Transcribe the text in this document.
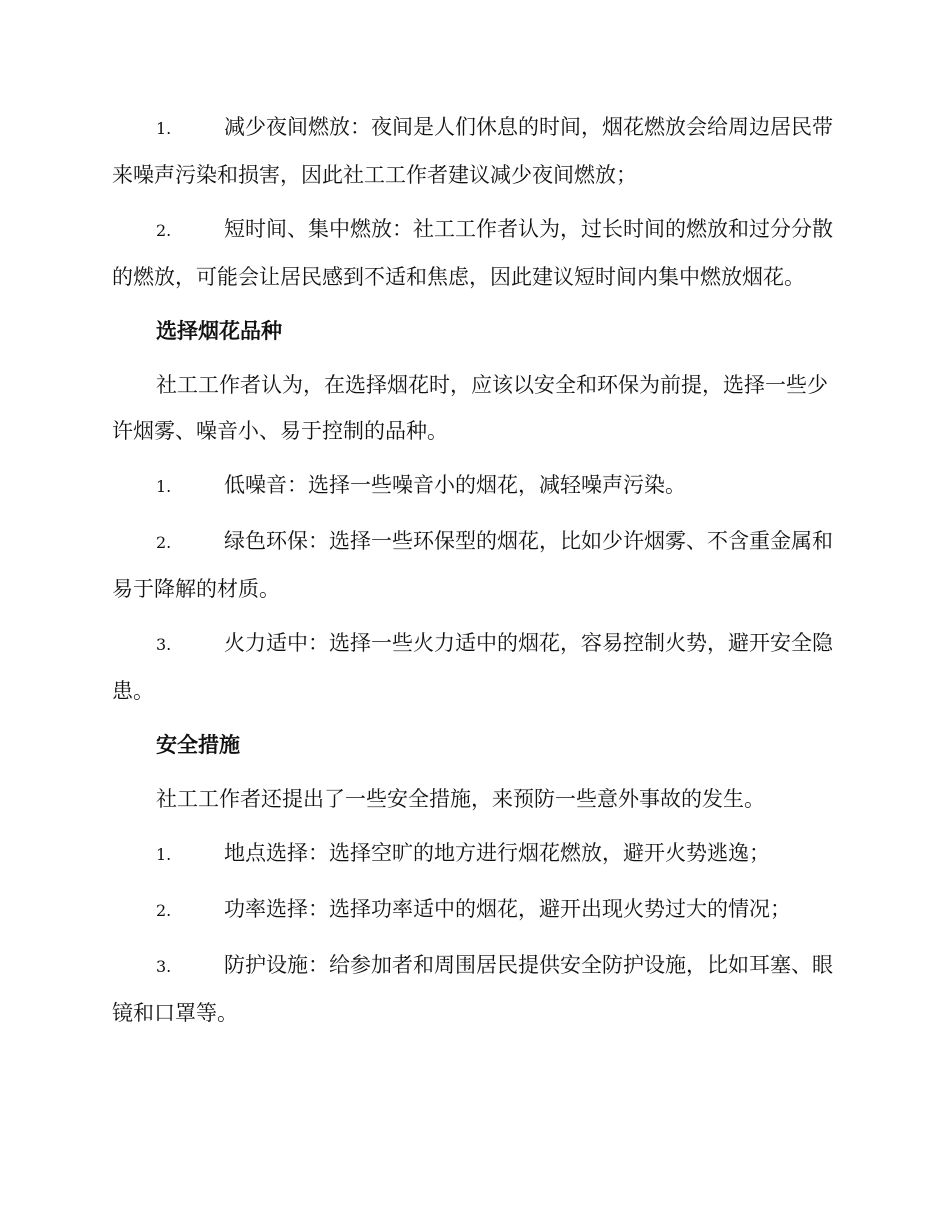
1.	减少夜间燃放：夜间是人们休息的时间，烟花燃放会给周边居民带来噪声污染和损害，因此社工工作者建议减少夜间燃放；
2.	短时间、集中燃放：社工工作者认为，过长时间的燃放和过分分散的燃放，可能会让居民感到不适和焦虑，因此建议短时间内集中燃放烟花。
选择烟花品种
社工工作者认为，在选择烟花时，应该以安全和环保为前提，选择一些少许烟雾、噪音小、易于控制的品种。
1.	低噪音：选择一些噪音小的烟花，减轻噪声污染。
2.	绿色环保：选择一些环保型的烟花，比如少许烟雾、不含重金属和易于降解的材质。
3.	火力适中：选择一些火力适中的烟花，容易控制火势，避开安全隐患。
安全措施
社工工作者还提出了一些安全措施，来预防一些意外事故的发生。
1.	地点选择：选择空旷的地方进行烟花燃放，避开火势逃逸；
2.	功率选择：选择功率适中的烟花，避开出现火势过大的情况；
3.	防护设施：给参加者和周围居民提供安全防护设施，比如耳塞、眼镜和口罩等。
